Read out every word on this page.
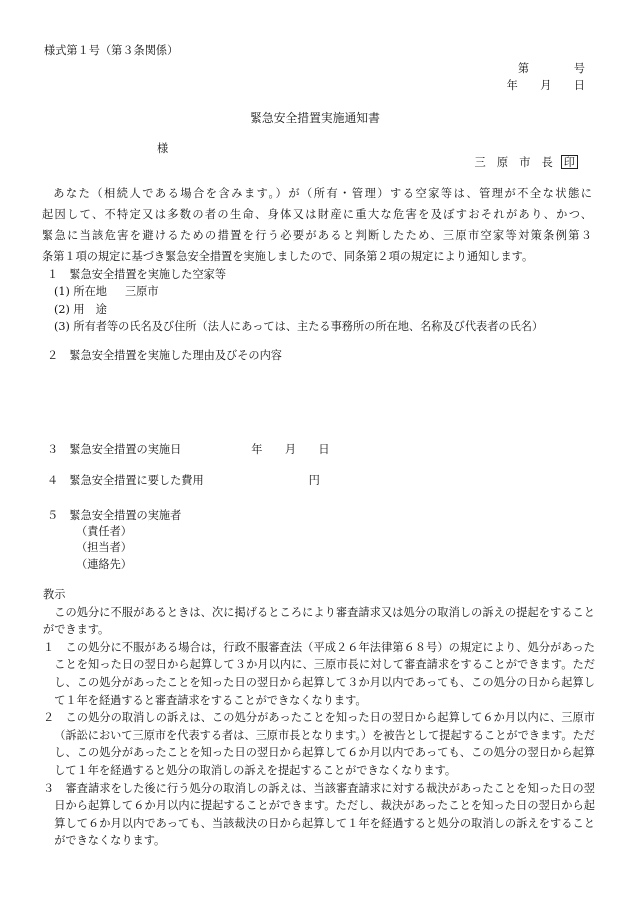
様式第１号（第３条関係）
第　　　　号
年　　月　　日
緊急安全措置実施通知書
様
三　原　市　長 印

あなた（相続人である場合を含みます。）が（所有・管理）する空家等は、管理が不全な状態に

起因して、不特定又は多数の者の生命、身体又は財産に重大な危害を及ぼすおそれがあり、かつ、

緊急に当該危害を避けるための措置を行う必要があると判断したため、三原市空家等対策条例第３

条第１項の規定に基づき緊急安全措置を実施しましたので、同条第２項の規定により通知します。

１　緊急安全措置を実施した空家等
(1) 所在地 三原市
(2) 用　途
(3) 所有者等の氏名及び住所（法人にあっては、主たる事務所の所在地、名称及び代表者の氏名）
２　緊急安全措置を実施した理由及びその内容
３　緊急安全措置の実施日	年　　月　　日
４　緊急安全措置に要した費用	円
５　緊急安全措置の実施者
（責任者）
（担当者）
（連絡先）

教示

この処分に不服があるときは、次に掲げるところにより審査請求又は処分の取消しの訴えの提起をすることができます。

１　この処分に不服がある場合は，行政不服審査法（平成２６年法律第６８号）の規定により、処分があったことを知った日の翌日から起算して３か月以内に、三原市長に対して審査請求をすることができます。ただし、この処分があったことを知った日の翌日から起算して３か月以内であっても、この処分の日から起算して１年を経過すると審査請求をすることができなくなります。

２　この処分の取消しの訴えは、この処分があったことを知った日の翌日から起算して６か月以内に、三原市（訴訟において三原市を代表する者は、三原市長となります。）を被告として提起することができます。ただし、この処分があったことを知った日の翌日から起算して６か月以内であっても、この処分の翌日から起算して１年を経過すると処分の取消しの訴えを提起することができなくなります。

３　審査請求をした後に行う処分の取消しの訴えは、当該審査請求に対する裁決があったことを知った日の翌日から起算して６か月以内に提起することができます。ただし、裁決があったことを知った日の翌日から起算して６か月以内であっても、当該裁決の日から起算して１年を経過すると処分の取消しの訴えをすることができなくなります。
